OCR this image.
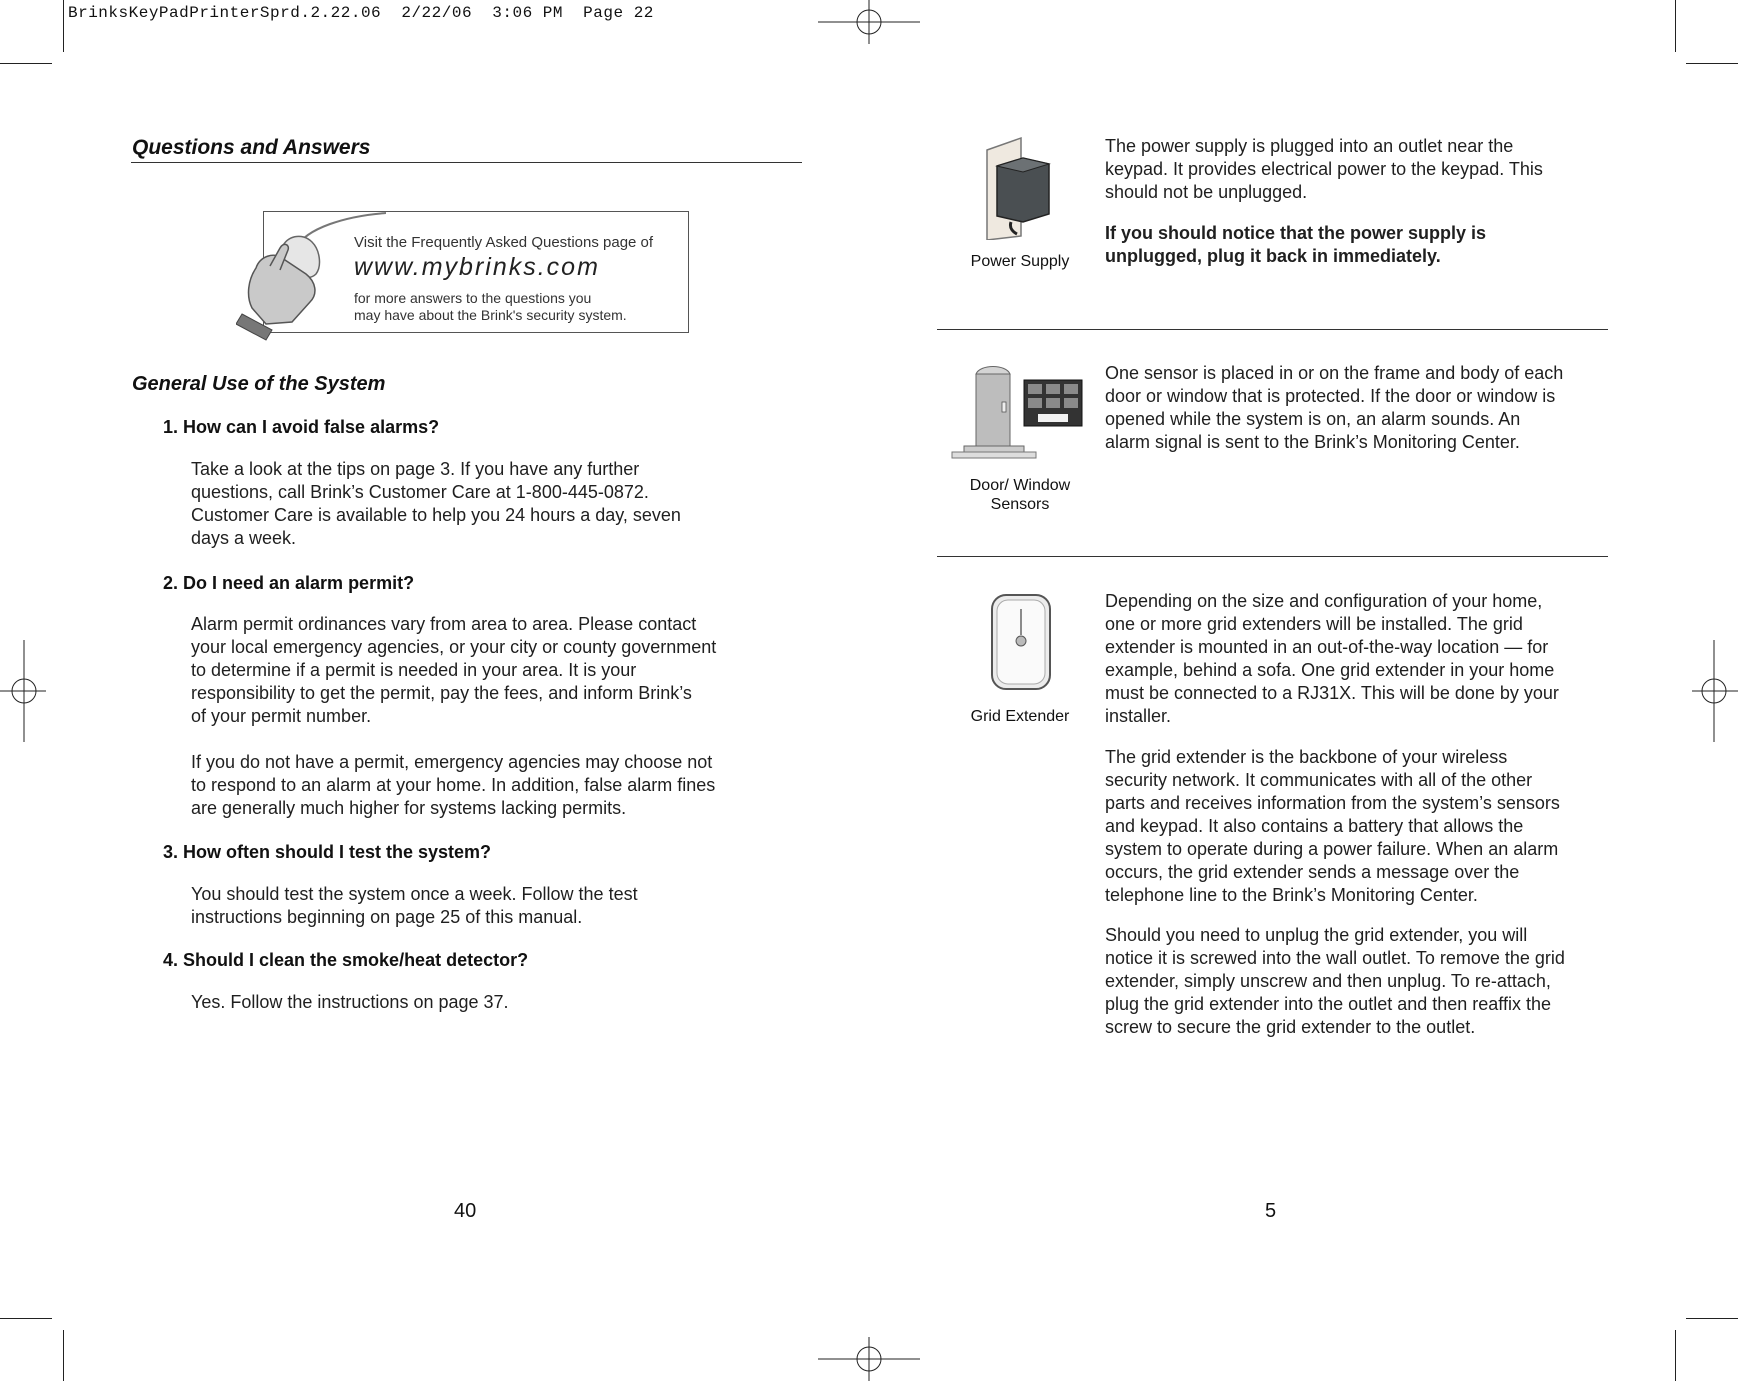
BrinksKeyPadPrinterSprd.2.22.06  2/22/06  3:06 PM  Page 22
Questions and Answers
Visit the Frequently Asked Questions page of
www.mybrinks.com
for more answers to the questions you
may have about the Brink's security system.
General Use of the System
1. How can I avoid false alarms?
Take a look at the tips on page 3. If you have any further
questions, call Brink’s Customer Care at 1-800-445-0872.
Customer Care is available to help you 24 hours a day, seven
days a week.
2. Do I need an alarm permit?
Alarm permit ordinances vary from area to area. Please contact
your local emergency agencies, or your city or county government
to determine if a permit is needed in your area. It is your
responsibility to get the permit, pay the fees, and inform Brink’s
of your permit number.
If you do not have a permit, emergency agencies may choose not
to respond to an alarm at your home. In addition, false alarm fines
are generally much higher for systems lacking permits.
3. How often should I test the system?
You should test the system once a week. Follow the test
instructions beginning on page 25 of this manual.
4. Should I clean the smoke/heat detector?
Yes. Follow the instructions on page 37.
40
Power Supply
The power supply is plugged into an outlet near the
keypad. It provides electrical power to the keypad. This
should not be unplugged.
If you should notice that the power supply is
unplugged, plug it back in immediately.
Door/ Window
Sensors
One sensor is placed in or on the frame and body of each
door or window that is protected. If the door or window is
opened while the system is on, an alarm sounds. An
alarm signal is sent to the Brink’s Monitoring Center.
Grid Extender
Depending on the size and configuration of your home,
one or more grid extenders will be installed. The grid
extender is mounted in an out-of-the-way location — for
example, behind a sofa. One grid extender in your home
must be connected to a RJ31X. This will be done by your
installer.
The grid extender is the backbone of your wireless
security network. It communicates with all of the other
parts and receives information from the system’s sensors
and keypad. It also contains a battery that allows the
system to operate during a power failure. When an alarm
occurs, the grid extender sends a message over the
telephone line to the Brink’s Monitoring Center.
Should you need to unplug the grid extender, you will
notice it is screwed into the wall outlet. To remove the grid
extender, simply unscrew and then unplug. To re-attach,
plug the grid extender into the outlet and then reaffix the
screw to secure the grid extender to the outlet.
5
